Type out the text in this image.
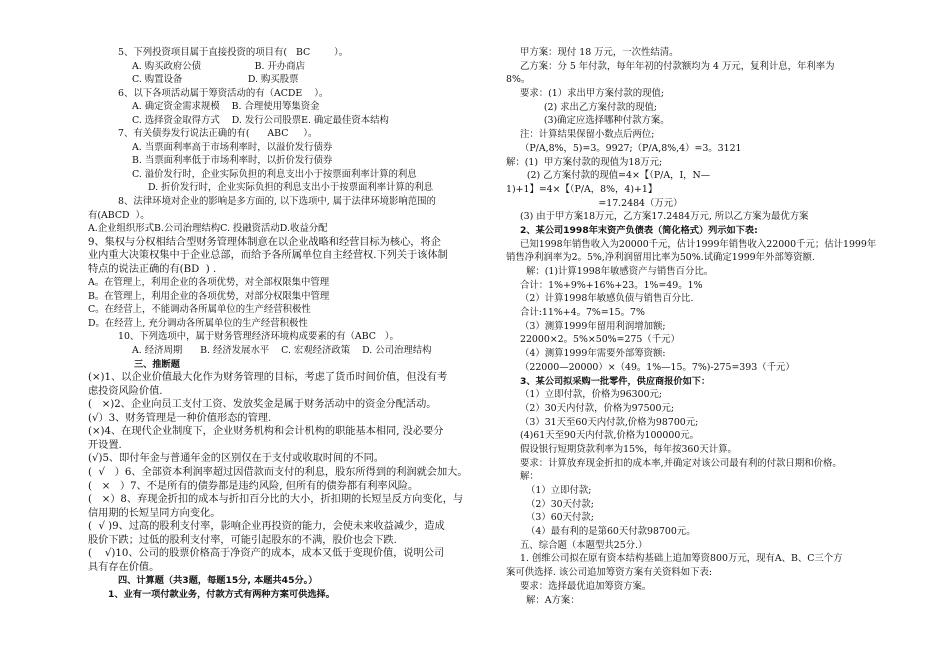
5、下列投资项目属于直接投资的项目有(   BC        ）。
A. 购买政府公债                  B. 开办商店
C. 购置设备                      D. 购买股票
6、以下各项活动属于筹资活动的有（ACDE    ）。
A. 确定资金需求规模    B. 合理使用筹集资金
C. 选择资金取得方式    D. 发行公司股票E. 确定最佳资本结构
7、有关债券发行说法正确的有(      ABC     ）。
A. 当票面利率高于市场利率时，以溢价发行债券
B. 当票面利率低于市场利率时，以折价发行债券
C. 溢价发行时，企业实际负担的利息支出小于按票面利率计算的利息
D. 折价发行时，企业实际负担的利息支出小于按票面利率计算的利息
8、法律环境对企业的影响是多方面的, 以下选项中, 属于法律环境影响范围的
有(ABCD  ）。
A.企业组织形式B.公司治理结构C. 投融资活动D.收益分配
9、集权与分权相结合型财务管理体制意在以企业战略和经营目标为核心，将企
业内重大决策权集中于企业总部，而给予各所属单位自主经营权.下列关于该体制
特点的说法正确的有(BD  ) .
A。在管理上，利用企业的各项优势，对全部权限集中管理
B。在管理上，利用企业的各项优势，对部分权限集中管理
C。在经营上，不能调动各所属单位的生产经营积极性
D。在经营上, 充分调动各所属单位的生产经营积极性
10、下列选项中，属于财务管理经济环境构成要素的有（ABC   ）。
A. 经济周期      B. 经济发展水平    C. 宏观经济政策    D. 公司治理结构
三、推断题
(×)1、以企业价值最大化作为财务管理的目标，考虑了货币时间价值，但没有考
虑投资风险价值.
(   ×)2、企业向员工支付工资、发放奖金是属于财务活动中的资金分配活动。
(√）3、财务管理是一种价值形态的管理.
(×)4、在现代企业制度下，企业财务机构和会计机构的职能基本相同, 没必要分
开设置.
(√)5、即付年金与普通年金的区别仅在于支付或收取时间的不同。
(  √   ）6、全部资本利润率超过因借款而支付的利息，股东所得到的利润就会加大。
(   ×   ）7、不是所有的债券都是违约风险, 但所有的债券都有利率风险。
(   ×）8、弃现金折扣的成本与折扣百分比的大小，折扣期的长短呈反方向变化，与
信用期的长短呈同方向变化。
(  √ )9、过高的股利支付率，影响企业再投资的能力，会使未来收益减少，造成
股价下跌；过低的股利支付率，可能引起股东的不满，股价也会下跌.
(    √)10、公司的股票价格高于净资产的成本，成本又低于变现价值，说明公司
具有存在价值。
四、计算题（共3题，每题15分, 本题共45分。）
1、业有一项付款业务，付款方式有两种方案可供选择。
甲方案：现付 18 万元，一次性结清。
乙方案：分 5 年付款，每年年初的付款额均为 4 万元，复利计息，年利率为
8%。
要求：(1）求出甲方案付款的现值;
(2) 求出乙方案付款的现值;
(3)确定应选择哪种付款方案。
注：计算结果保留小数点后两位;
（P/A,8%，5)=3。9927;（P/A,8%,4）=3。3121
解：(1)  甲方案付款的现值为18万元;
(2) 乙方案付款的现值=4×【（P/A，I，N—
1)+1】=4×【（P/A，8%，4)+1】
=17.2484（万元）
(3) 由于甲方案18万元，乙方案17.2484万元, 所以乙方案为最优方案
2、某公司1998年末资产负债表（简化格式）列示如下表:
已知1998年销售收入为20000千元，估计1999年销售收入22000千元；估计1999年
销售净利润率为2。5%,净利润留用比率为50%.试确定1999年外部筹资额.
解：(1)计算1998年敏感资产与销售百分比。
合计：1%+9%+16%+23。1%=49。1%
（2）计算1998年敏感负债与销售百分比.
合计:11%+4。7%=15。7%
（3）测算1999年留用利润增加额;
22000×2。5%×50%=275（千元）
（4）测算1999年需要外部筹资额:
（22000—20000）×（49。1%—15。7%)-275=393（千元）
3、某公司拟采购一批零件，供应商报价如下：
（1）立即付款，价格为96300元;
（2）30天内付款，价格为97500元;
（3）31天至60天内付款,价格为98700元;
(4)61天至90天内付款,价格为100000元。
假设银行短期贷款利率为15%，每年按360天计算。
要求：计算放弃现金折扣的成本率,并确定对该公司最有利的付款日期和价格。
解：
（1）立即付款;
（2）30天付款;
（3）60天付款;
（4）最有利的是第60天付款98700元。
五、综合题（本题型共25分.）
1. 创维公司拟在原有资本结构基础上追加筹资800万元，现有A、B、C三个方
案可供选择. 该公司追加筹资方案有关资料如下表:
要求：选择最优追加筹资方案。
解：A方案：
